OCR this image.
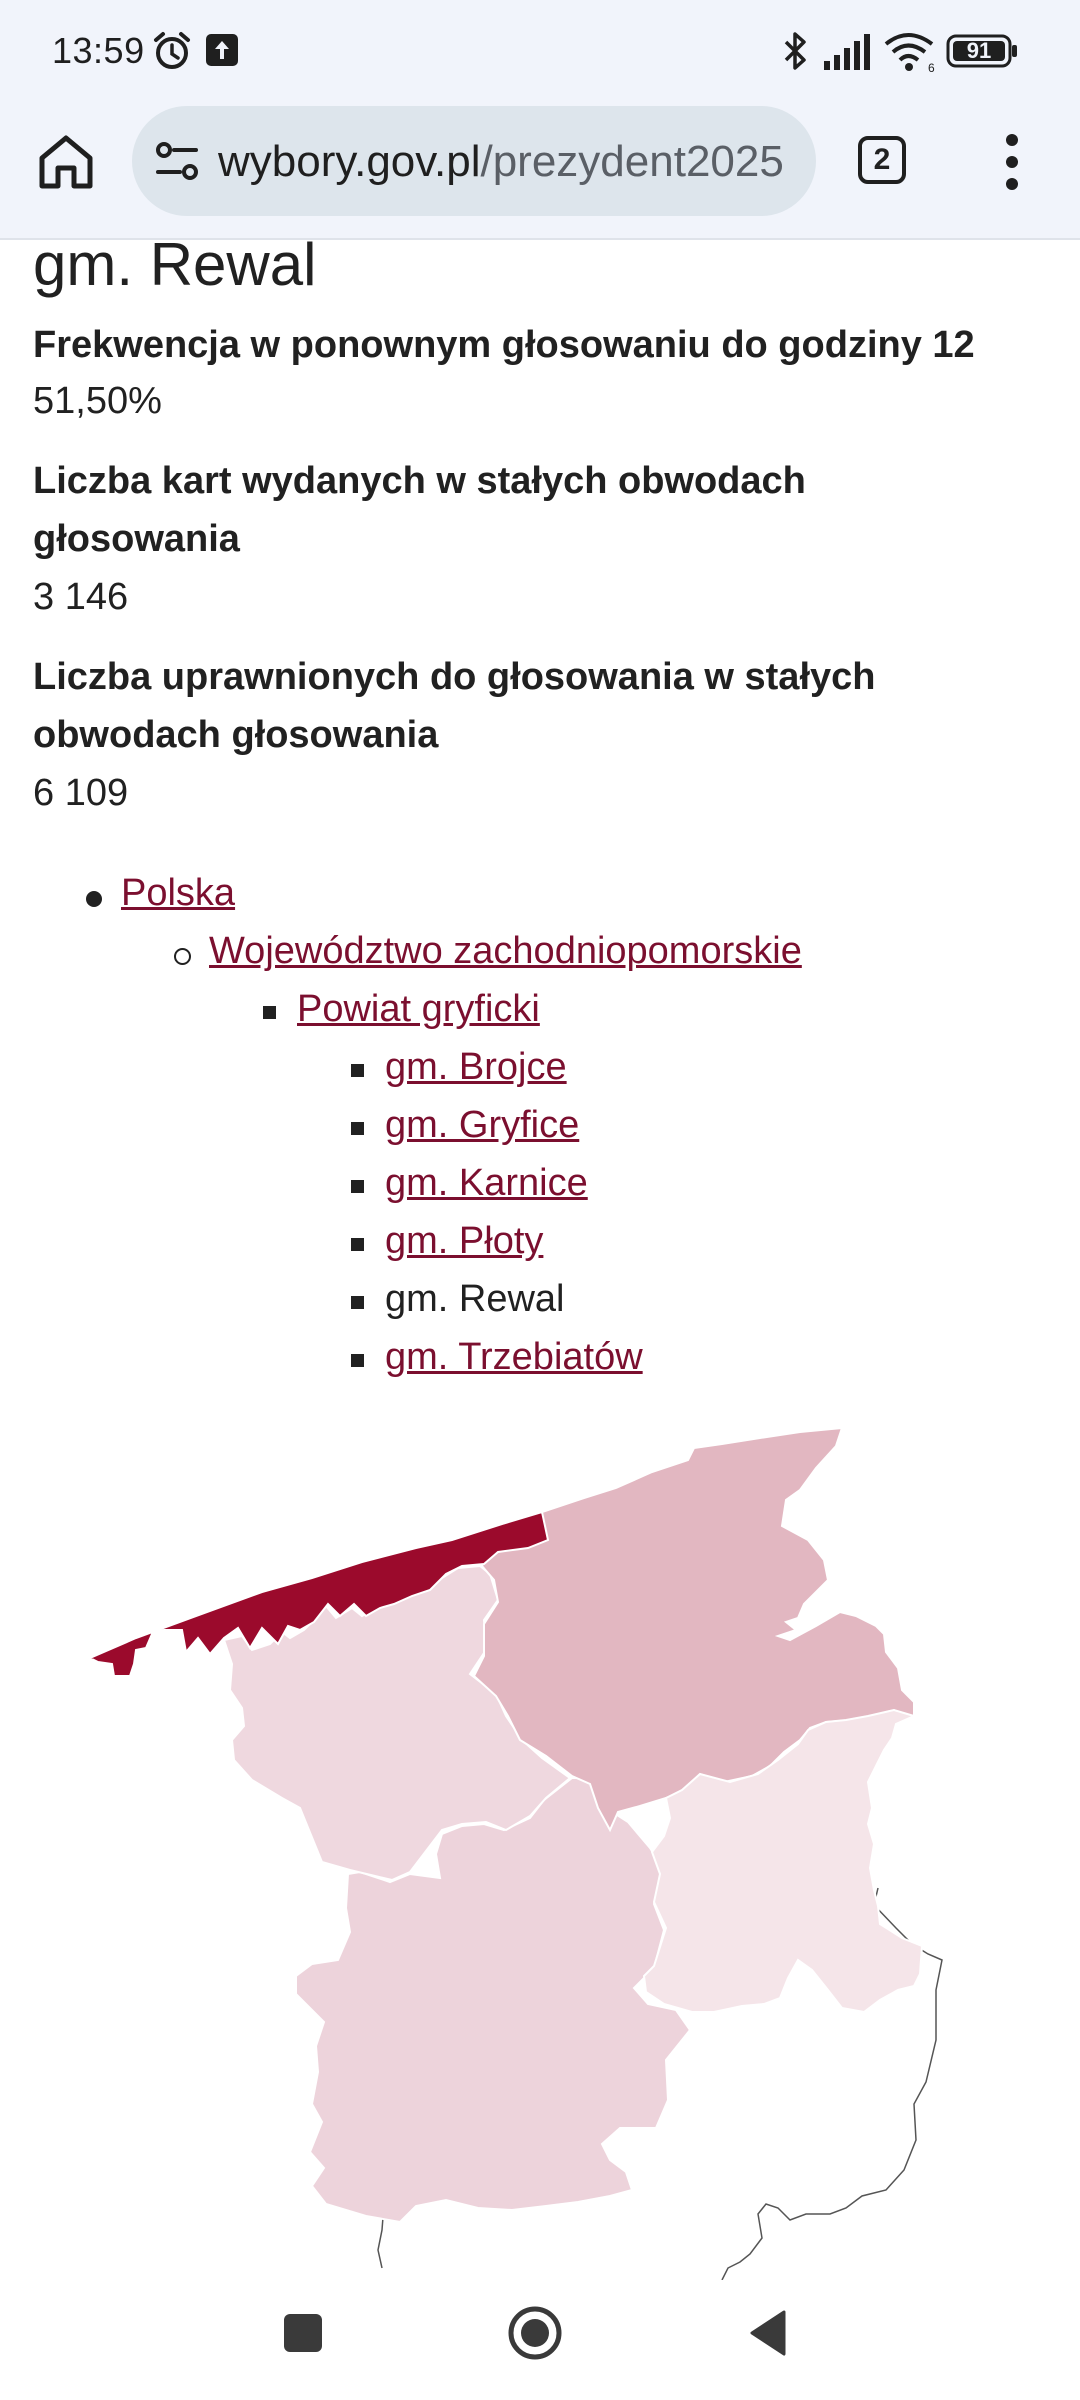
13:59	6
91
wybory.gov.pl/prezydent2025	2
gm. Rewal
Frekwencja w ponownym głosowaniu do godziny 12
51,50%
Liczba kart wydanych w stałych obwodach głosowania
3 146
Liczba uprawnionych do głosowania w stałych obwodach głosowania
6 109
Polska
Województwo zachodniopomorskie
Powiat gryficki
gm. Brojce
gm. Gryfice
gm. Karnice
gm. Płoty
gm. Rewal
gm. Trzebiatów
